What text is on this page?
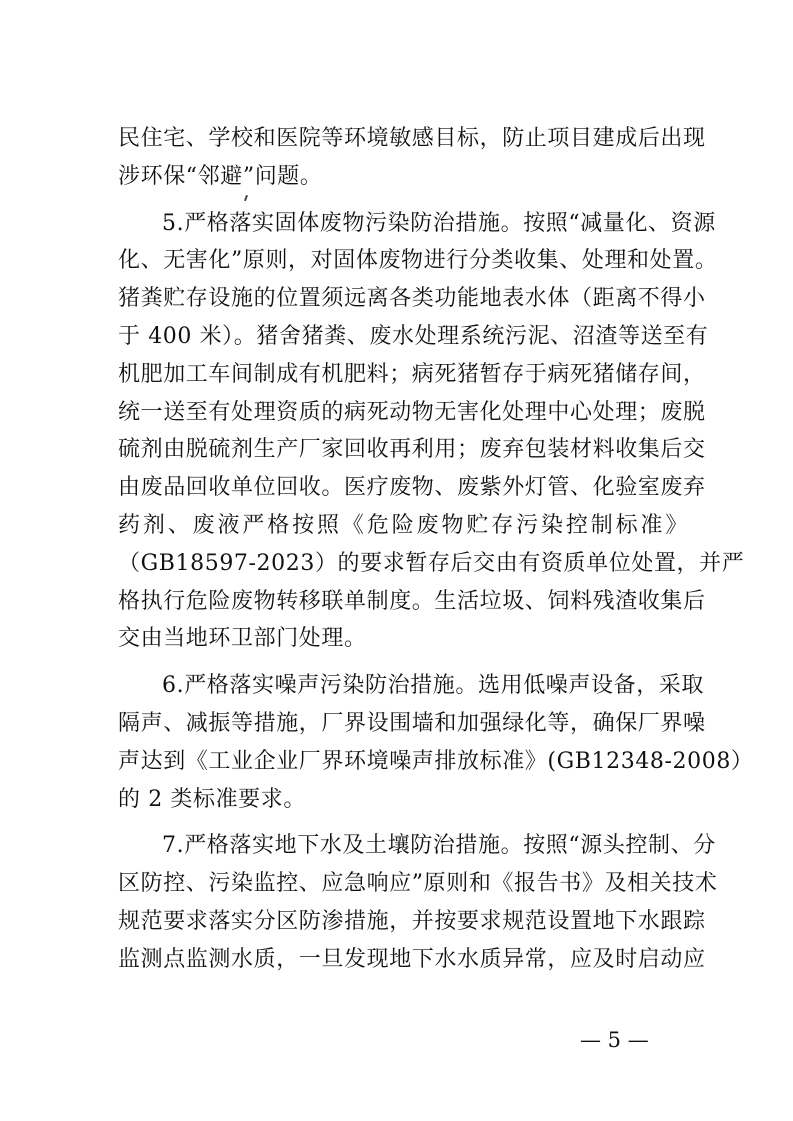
民住宅、学校和医院等环境敏感目标，防止项目建成后出现
涉环保“邻避”问题。
5.严格落实固体废物污染防治措施。按照“减量化、资源
化、无害化”原则，对固体废物进行分类收集、处理和处置。
猪粪贮存设施的位置须远离各类功能地表水体（距离不得小
于 400 米）。猪舍猪粪、废水处理系统污泥、沼渣等送至有
机肥加工车间制成有机肥料；病死猪暂存于病死猪储存间，
统一送至有处理资质的病死动物无害化处理中心处理；废脱
硫剂由脱硫剂生产厂家回收再利用；废弃包装材料收集后交
由废品回收单位回收。医疗废物、废紫外灯管、化验室废弃
药剂、废液严格按照《危险废物贮存污染控制标准》
（GB18597-2023）的要求暂存后交由有资质单位处置，并严
格执行危险废物转移联单制度。生活垃圾、饲料残渣收集后
交由当地环卫部门处理。
6.严格落实噪声污染防治措施。选用低噪声设备，采取
隔声、减振等措施，厂界设围墙和加强绿化等，确保厂界噪
声达到《工业企业厂界环境噪声排放标准》(GB12348-2008）
的 2 类标准要求。
7.严格落实地下水及土壤防治措施。按照“源头控制、分
区防控、污染监控、应急响应”原则和《报告书》及相关技术
规范要求落实分区防渗措施，并按要求规范设置地下水跟踪
监测点监测水质，一旦发现地下水水质异常，应及时启动应
— 5 —
